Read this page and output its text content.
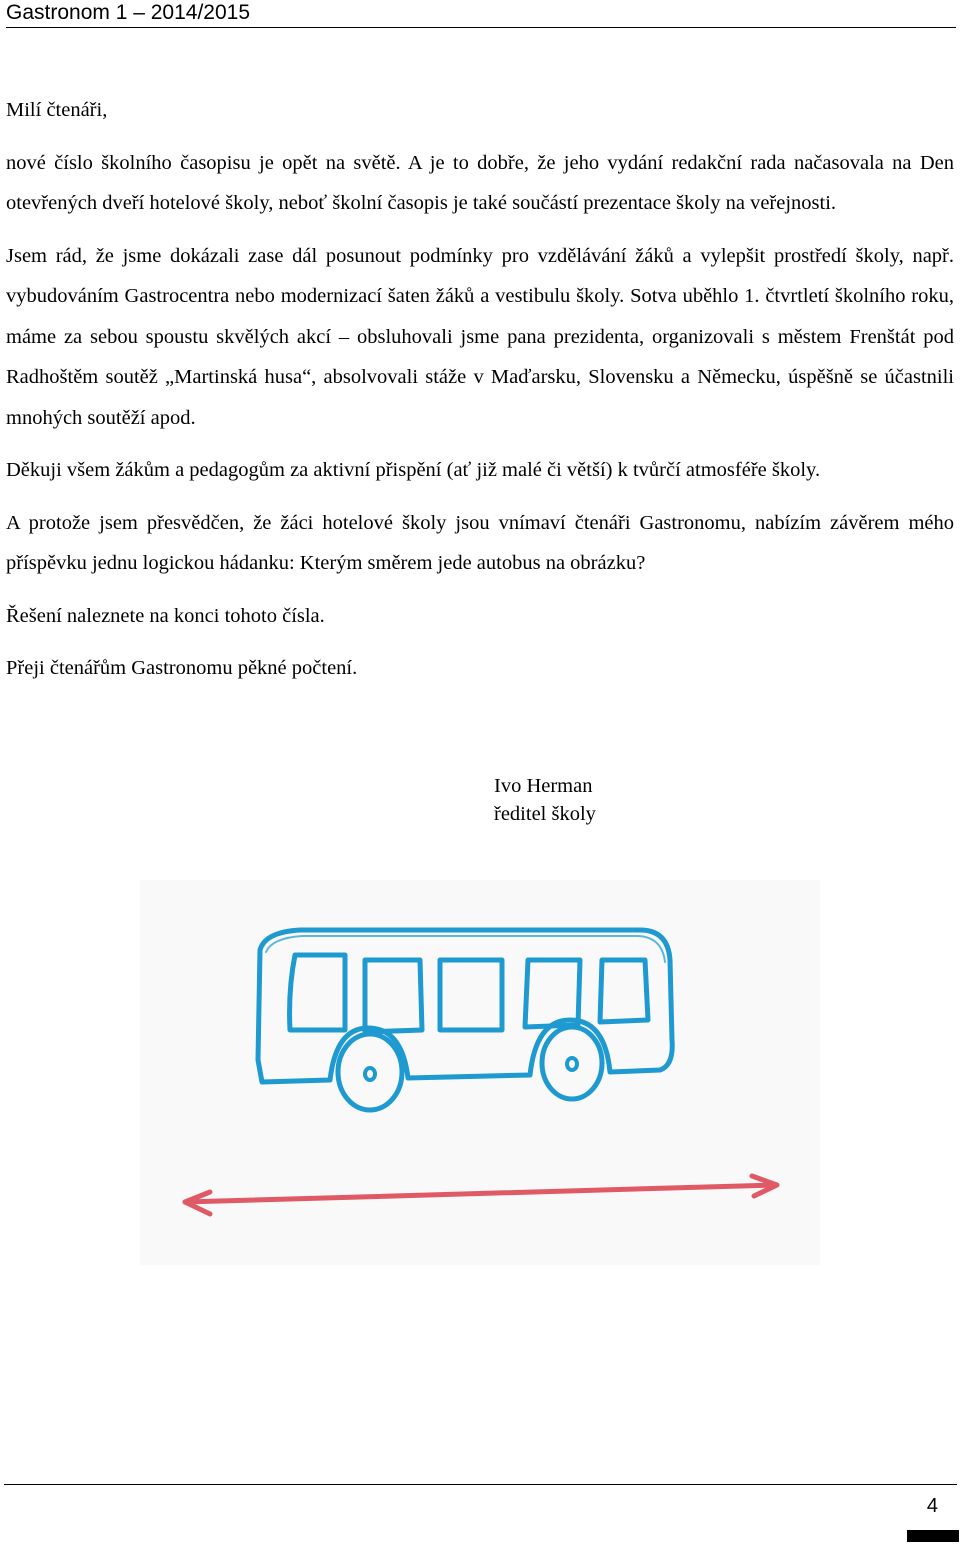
Gastronom 1 – 2014/2015

Milí čtenáři,

nové číslo školního časopisu je opět na světě. A je to dobře, že jeho vydání redakční rada načasovala na Den otevřených dveří hotelové školy, neboť školní časopis je také součástí prezentace školy na veřejnosti.

Jsem rád, že jsme dokázali zase dál posunout podmínky pro vzdělávání žáků a vylepšit prostředí školy, např. vybudováním Gastrocentra nebo modernizací šaten žáků a vestibulu školy. Sotva uběhlo 1. čtvrtletí školního roku, máme za sebou spoustu skvělých akcí – obsluhovali jsme pana prezidenta, organizovali s městem Frenštát pod Radhoštěm soutěž „Martinská husa“, absolvovali stáže v Maďarsku, Slovensku a Německu, úspěšně se účastnili mnohých soutěží apod.

Děkuji všem žákům a pedagogům za aktivní přispění (ať již malé či větší) k tvůrčí atmosféře školy.

A protože jsem přesvědčen, že žáci hotelové školy jsou vnímaví čtenáři Gastronomu, nabízím závěrem mého příspěvku jednu logickou hádanku: Kterým směrem jede autobus na obrázku?

Řešení naleznete na konci tohoto čísla.

Přeji čtenářům Gastronomu pěkné počtení.

Ivo Herman
ředitel školy
4
